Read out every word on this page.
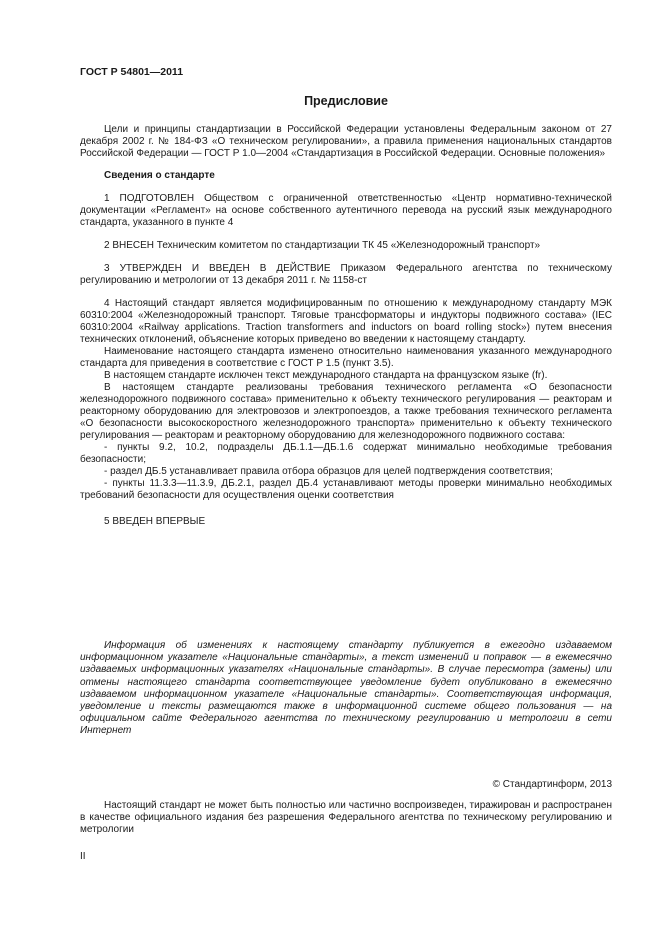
ГОСТ Р 54801—2011
Предисловие

Цели и принципы стандартизации в Российской Федерации установлены Федеральным законом от 27 декабря 2002 г. № 184-ФЗ «О техническом регулировании», а правила применения национальных стандартов Российской Федерации — ГОСТ Р 1.0—2004 «Стандартизация в Российской Федерации. Основные положения»

Сведения о стандарте

1 ПОДГОТОВЛЕН Обществом с ограниченной ответственностью «Центр нормативно-технической документации «Регламент» на основе собственного аутентичного перевода на русский язык международного стандарта, указанного в пункте 4

2 ВНЕСЕН Техническим комитетом по стандартизации ТК 45 «Железнодорожный транспорт»

3 УТВЕРЖДЕН И ВВЕДЕН В ДЕЙСТВИЕ Приказом Федерального агентства по техническому регулированию и метрологии от 13 декабря 2011 г. № 1158-ст

4 Настоящий стандарт является модифицированным по отношению к международному стандарту МЭК 60310:2004 «Железнодорожный транспорт. Тяговые трансформаторы и индукторы подвижного состава» (IEC 60310:2004 «Railway applications. Traction transformers and inductors on board rolling stock») путем внесения технических отклонений, объяснение которых приведено во введении к настоящему стандарту.

Наименование настоящего стандарта изменено относительно наименования указанного международного стандарта для приведения в соответствие с ГОСТ Р 1.5 (пункт 3.5).

В настоящем стандарте исключен текст международного стандарта на французском языке (fr).

В настоящем стандарте реализованы требования технического регламента «О безопасности железнодорожного подвижного состава» применительно к объекту технического регулирования — реакторам и реакторному оборудованию для электровозов и электропоездов, а также требования технического регламента «О безопасности высокоскоростного железнодорожного транспорта» применительно к объекту технического регулирования — реакторам и реакторному оборудованию для железнодорожного подвижного состава:

- пункты 9.2, 10.2, подразделы ДБ.1.1—ДБ.1.6 содержат минимально необходимые требования безопасности;

- раздел ДБ.5 устанавливает правила отбора образцов для целей подтверждения соответствия;

- пункты 11.3.3—11.3.9, ДБ.2.1, раздел ДБ.4 устанавливают методы проверки минимально необходимых требований безопасности для осуществления оценки соответствия

5 ВВЕДЕН ВПЕРВЫЕ

Информация об изменениях к настоящему стандарту публикуется в ежегодно издаваемом информационном указателе «Национальные стандарты», а текст изменений и поправок — в ежемесячно издаваемых информационных указателях «Национальные стандарты». В случае пересмотра (замены) или отмены настоящего стандарта соответствующее уведомление будет опубликовано в ежемесячно издаваемом информационном указателе «Национальные стандарты». Соответствующая информация, уведомление и тексты размещаются также в информационной системе общего пользования — на официальном сайте Федерального агентства по техническому регулированию и метрологии в сети Интернет

© Стандартинформ, 2013

Настоящий стандарт не может быть полностью или частично воспроизведен, тиражирован и распространен в качестве официального издания без разрешения Федерального агентства по техническому регулированию и метрологии

II
